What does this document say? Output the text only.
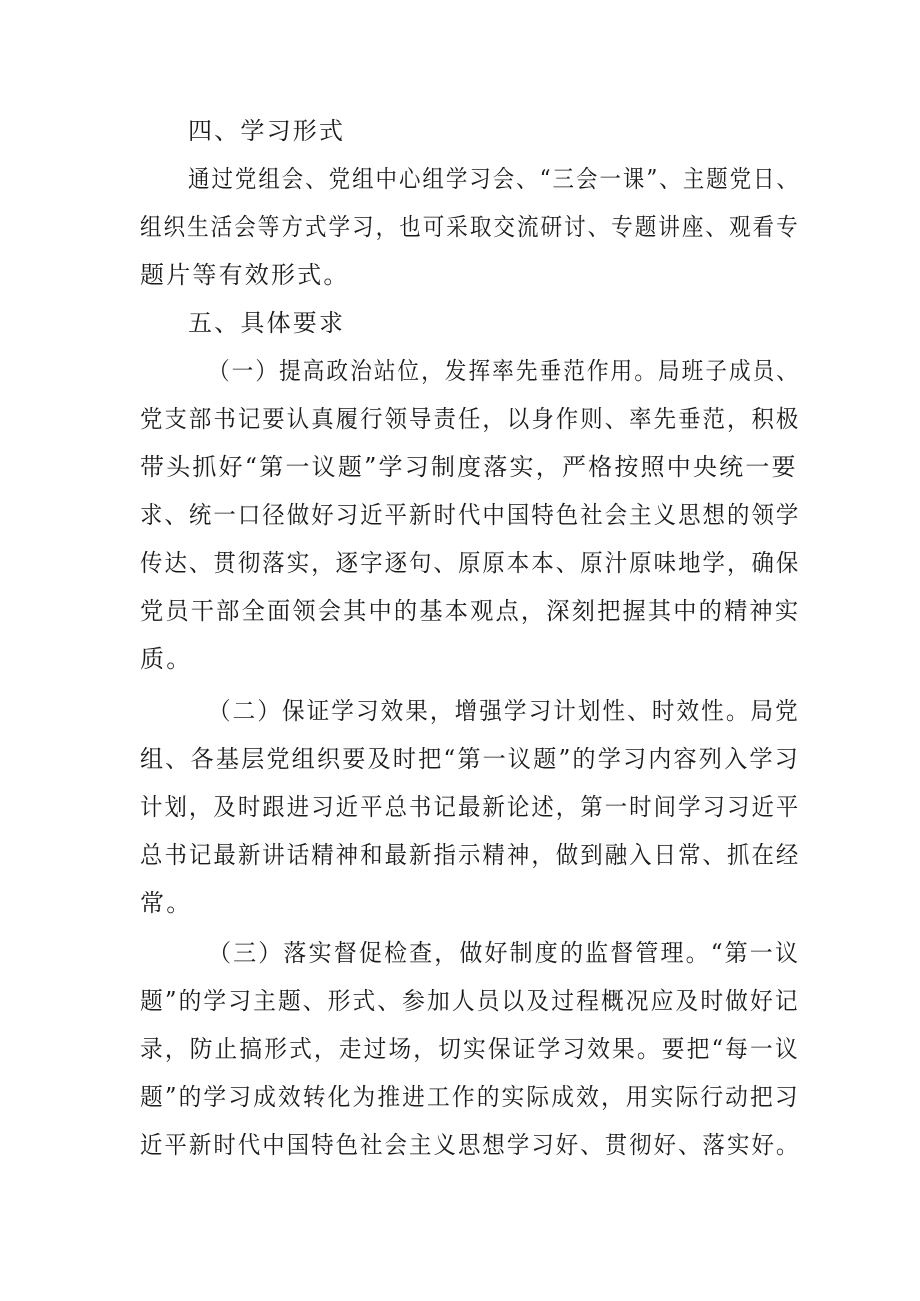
四、学习形式
通过党组会、党组中心组学习会、“三会一课”、主题党日、
组织生活会等方式学习，也可采取交流研讨、专题讲座、观看专
题片等有效形式。
五、具体要求
（一）提高政治站位，发挥率先垂范作用。局班子成员、
党支部书记要认真履行领导责任，以身作则、率先垂范，积极
带头抓好“第一议题”学习制度落实，严格按照中央统一要
求、统一口径做好习近平新时代中国特色社会主义思想的领学
传达、贯彻落实，逐字逐句、原原本本、原汁原味地学，确保
党员干部全面领会其中的基本观点，深刻把握其中的精神实
质。
（二）保证学习效果，增强学习计划性、时效性。局党
组、各基层党组织要及时把“第一议题”的学习内容列入学习
计划，及时跟进习近平总书记最新论述，第一时间学习习近平
总书记最新讲话精神和最新指示精神，做到融入日常、抓在经
常。
（三）落实督促检查，做好制度的监督管理。“第一议
题”的学习主题、形式、参加人员以及过程概况应及时做好记
录，防止搞形式，走过场，切实保证学习效果。要把“每一议
题”的学习成效转化为推进工作的实际成效，用实际行动把习
近平新时代中国特色社会主义思想学习好、贯彻好、落实好。
